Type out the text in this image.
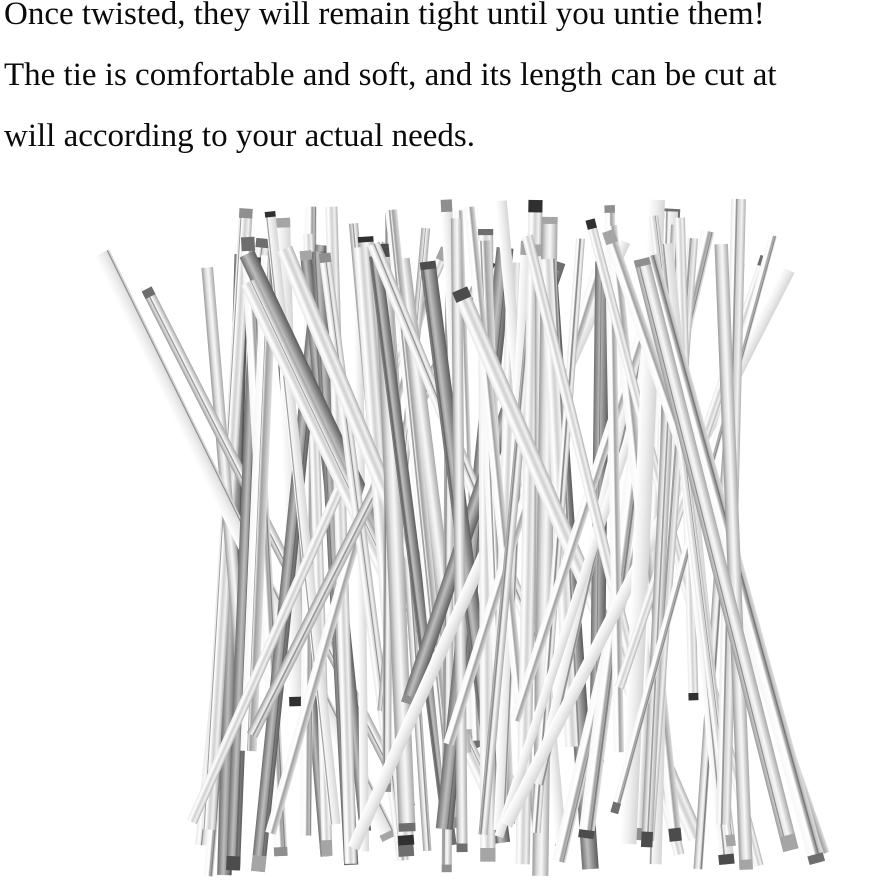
Once twisted, they will remain tight until you untie them!
The tie is comfortable and soft, and its length can be cut at
will according to your actual needs.
